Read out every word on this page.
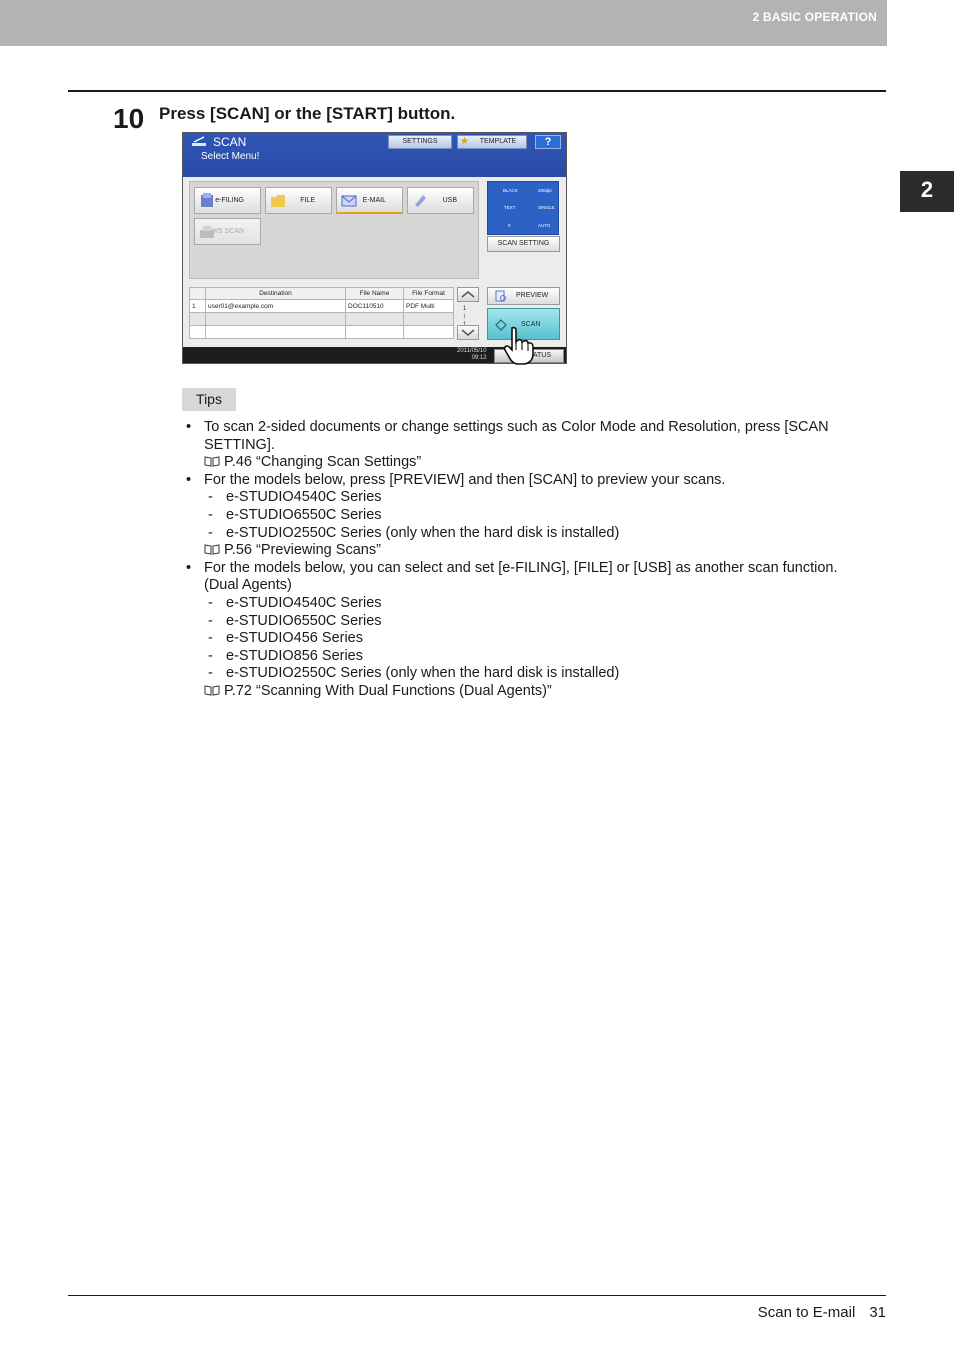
2 BASIC OPERATION
2
10 Press [SCAN] or the [START] button.
SCAN
Select Menu!
SETTINGS	★ TEMPLATE	?
e-FILING	FILE	E-MAIL	USB
WS SCAN
BLACK	200dpi
TEXT	SINGLE
0	AUTO
SCAN SETTING
	Destination	File Name	File Format
1	user01@example.com	DOC110510	PDF Multi

				1
/

PREVIEW
SCAN
2011/05/10
09:12	ATUS
Tips
• To scan 2-sided documents or change settings such as Color Mode and Resolution, press [SCAN SETTING].
P.46 “Changing Scan Settings”
• For the models below, press [PREVIEW] and then [SCAN] to preview your scans.
- e-STUDIO4540C Series
- e-STUDIO6550C Series
- e-STUDIO2550C Series (only when the hard disk is installed)
P.56 “Previewing Scans”
• For the models below, you can select and set [e-FILING], [FILE] or [USB] as another scan function. (Dual Agents)
- e-STUDIO4540C Series
- e-STUDIO6550C Series
- e-STUDIO456 Series
- e-STUDIO856 Series
- e-STUDIO2550C Series (only when the hard disk is installed)
P.72 “Scanning With Dual Functions (Dual Agents)”
Scan to E-mail 31
